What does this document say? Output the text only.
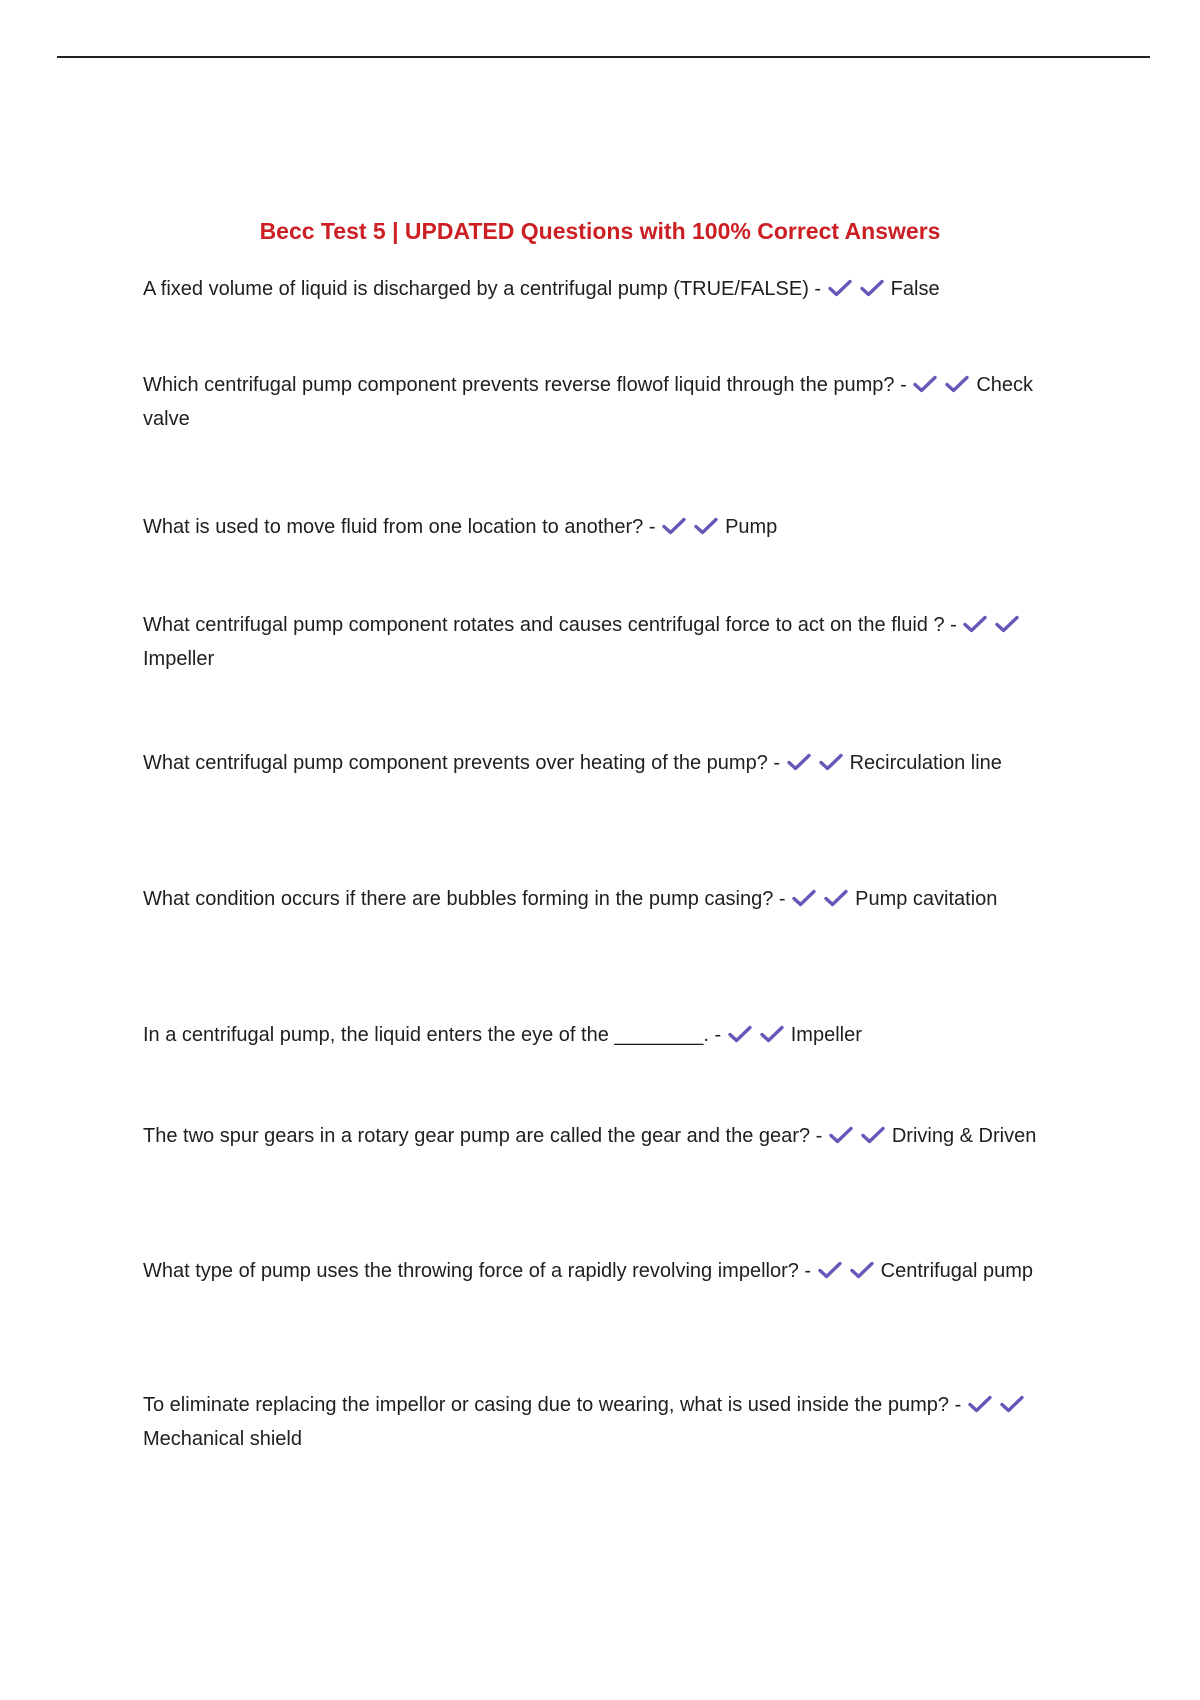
Becc Test 5 | UPDATED Questions with 100% Correct Answers
A fixed volume of liquid is discharged by a centrifugal pump (TRUE/FALSE) -	False
Which centrifugal pump component prevents reverse flowof liquid through the pump? -	Check valve
What is used to move fluid from one location to another? -	Pump
What centrifugal pump component rotates and causes centrifugal force to act on the fluid ? -
Impeller
What centrifugal pump component prevents over heating of the pump? -	Recirculation line
What condition occurs if there are bubbles forming in the pump casing? -	Pump cavitation
In a centrifugal pump, the liquid enters the eye of the ________. -	Impeller
The two spur gears in a rotary gear pump are called the gear and the gear? -	Driving & Driven
What type of pump uses the throwing force of a rapidly revolving impellor? -	Centrifugal pump
To eliminate replacing the impellor or casing due to wearing, what is used inside the pump? -
Mechanical shield
